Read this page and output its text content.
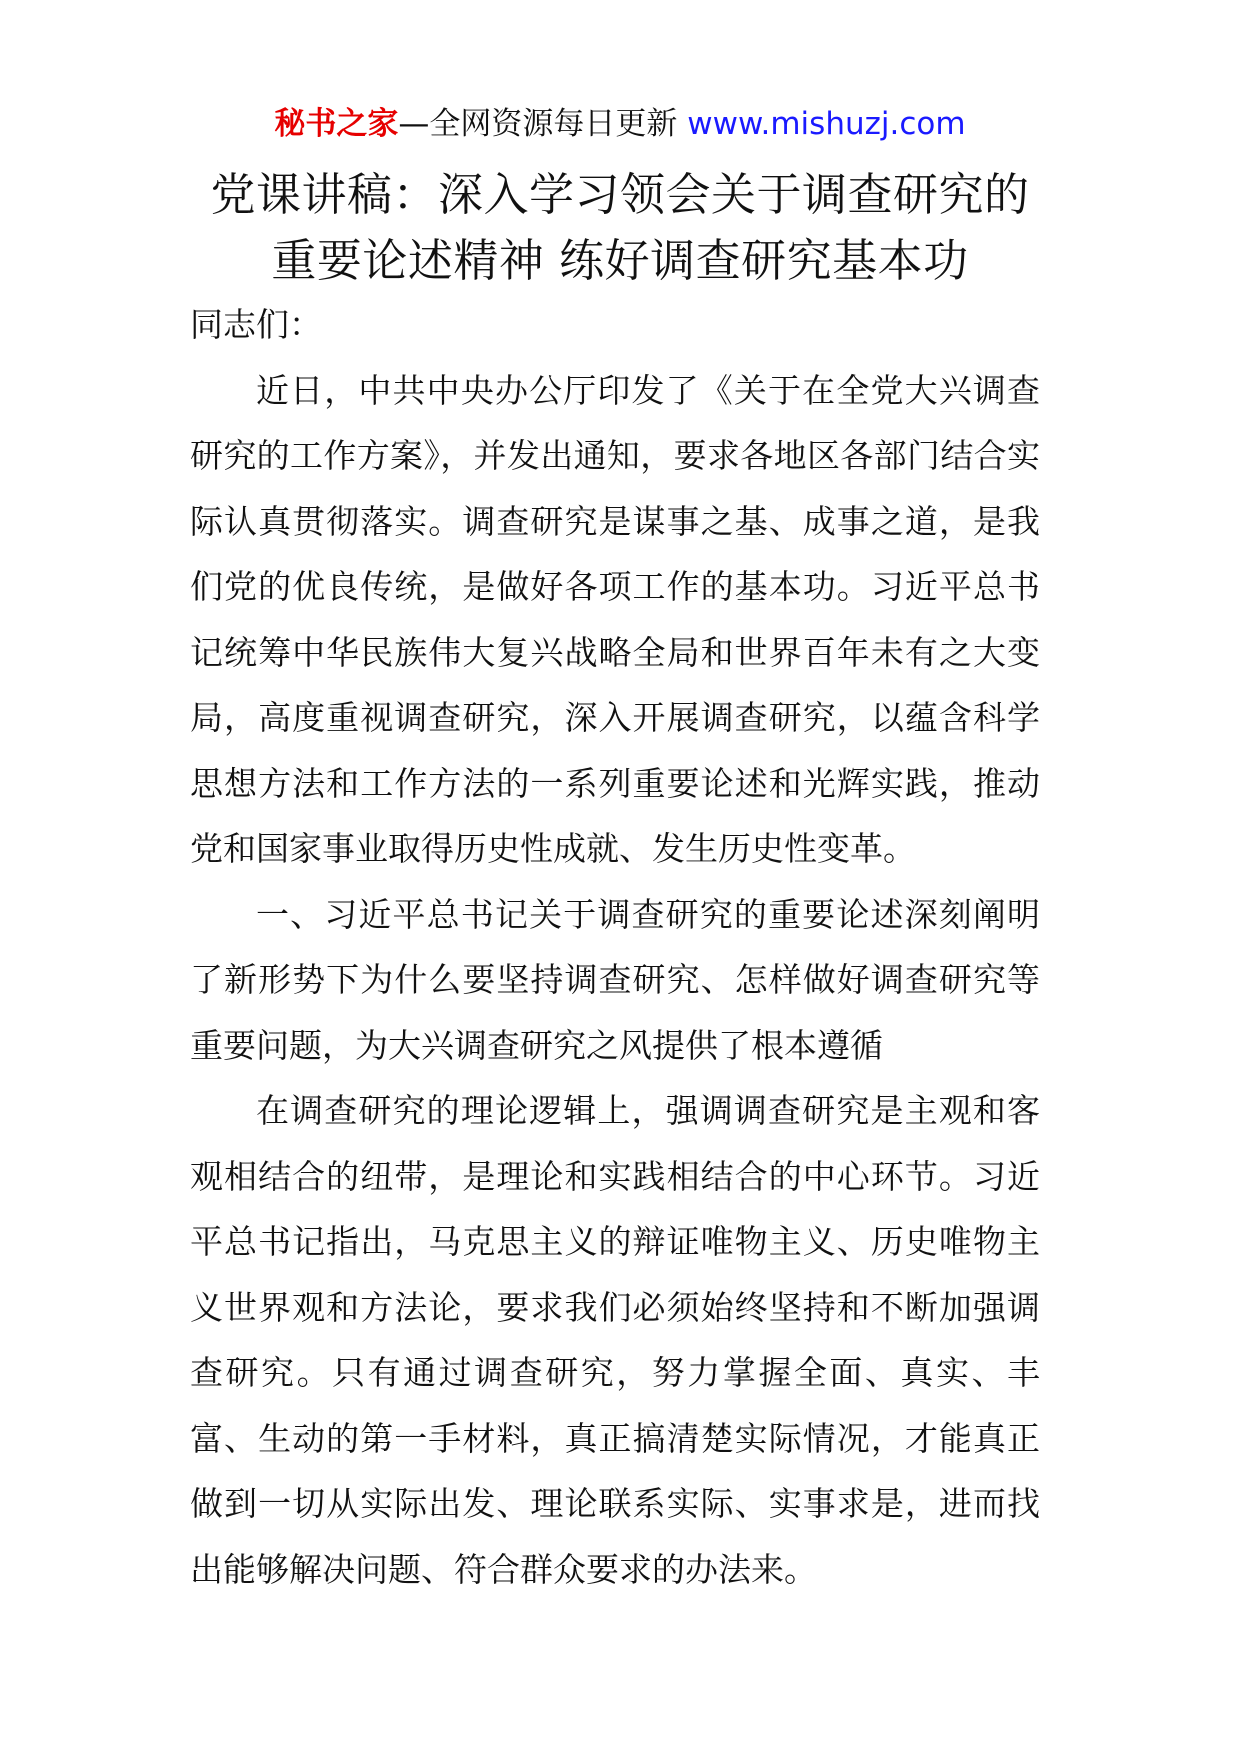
秘书之家—全网资源每日更新 www.mishuzj.com
党课讲稿：深入学习领会关于调查研究的
重要论述精神 练好调查研究基本功

同志们：

近日，中共中央办公厅印发了《关于在全党大兴调查研究的工作方案》，并发出通知，要求各地区各部门结合实际认真贯彻落实。调查研究是谋事之基、成事之道，是我们党的优良传统，是做好各项工作的基本功。习近平总书记统筹中华民族伟大复兴战略全局和世界百年未有之大变局，高度重视调查研究，深入开展调查研究，以蕴含科学思想方法和工作方法的一系列重要论述和光辉实践，推动党和国家事业取得历史性成就、发生历史性变革。

一、习近平总书记关于调查研究的重要论述深刻阐明了新形势下为什么要坚持调查研究、怎样做好调查研究等重要问题，为大兴调查研究之风提供了根本遵循

在调查研究的理论逻辑上，强调调查研究是主观和客观相结合的纽带，是理论和实践相结合的中心环节。习近平总书记指出，马克思主义的辩证唯物主义、历史唯物主义世界观和方法论，要求我们必须始终坚持和不断加强调查研究。只有通过调查研究，努力掌握全面、真实、丰富、生动的第一手材料，真正搞清楚实际情况，才能真正做到一切从实际出发、理论联系实际、实事求是，进而找出能够解决问题、符合群众要求的办法来。
